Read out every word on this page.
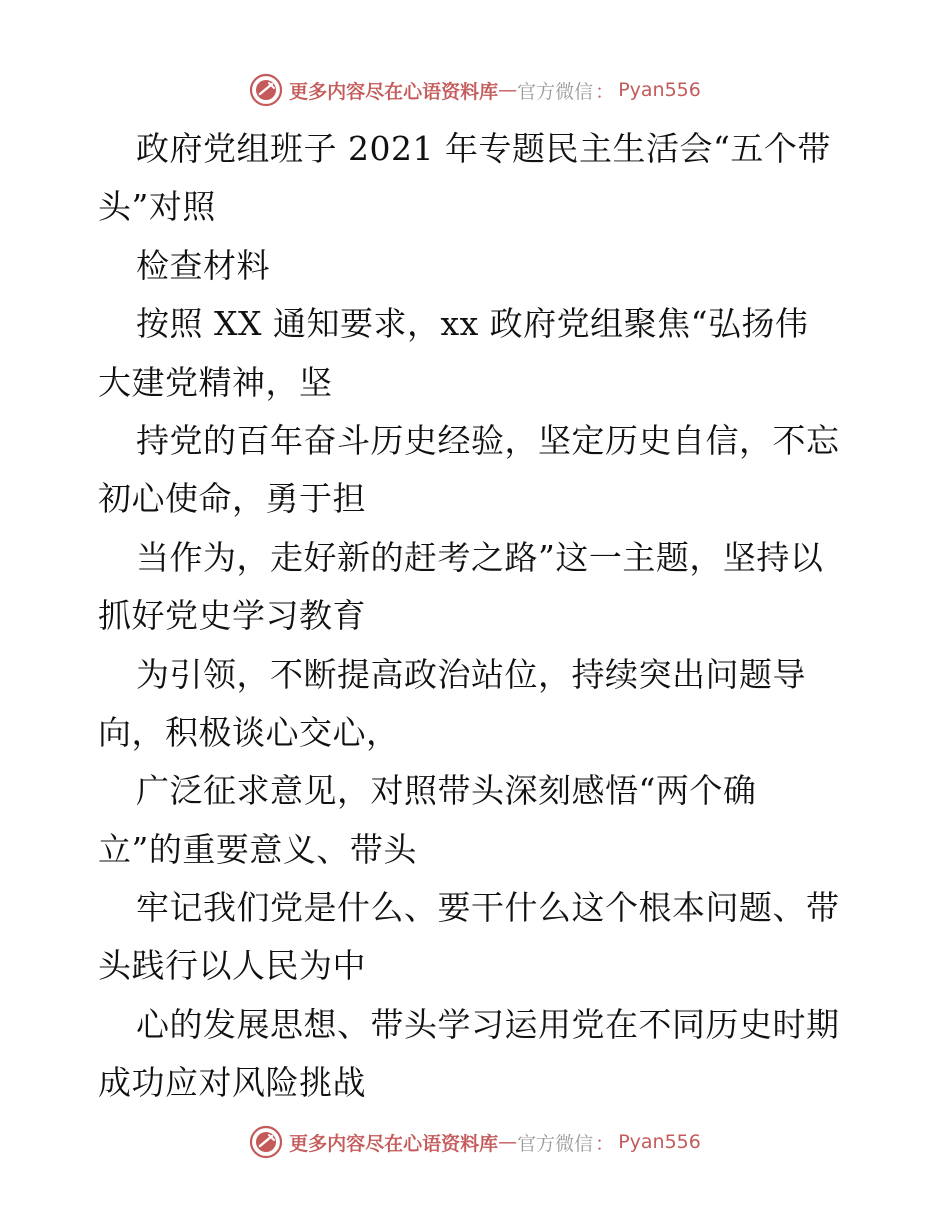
更多内容尽在心语资料库 — 官方微信 ： Pyan556
政府党组班子 2021 年专题民主生活会“五个带
头”对照
检查材料
按照 XX 通知要求，xx 政府党组聚焦“弘扬伟
大建党精神，坚
持党的百年奋斗历史经验，坚定历史自信，不忘
初心使命，勇于担
当作为，走好新的赶考之路”这一主题，坚持以
抓好党史学习教育
为引领，不断提高政治站位，持续突出问题导
向，积极谈心交心，
广泛征求意见，对照带头深刻感悟“两个确
立”的重要意义、带头
牢记我们党是什么、要干什么这个根本问题、带
头践行以人民为中
心的发展思想、带头学习运用党在不同历史时期
成功应对风险挑战
更多内容尽在心语资料库 — 官方微信 ： Pyan556
